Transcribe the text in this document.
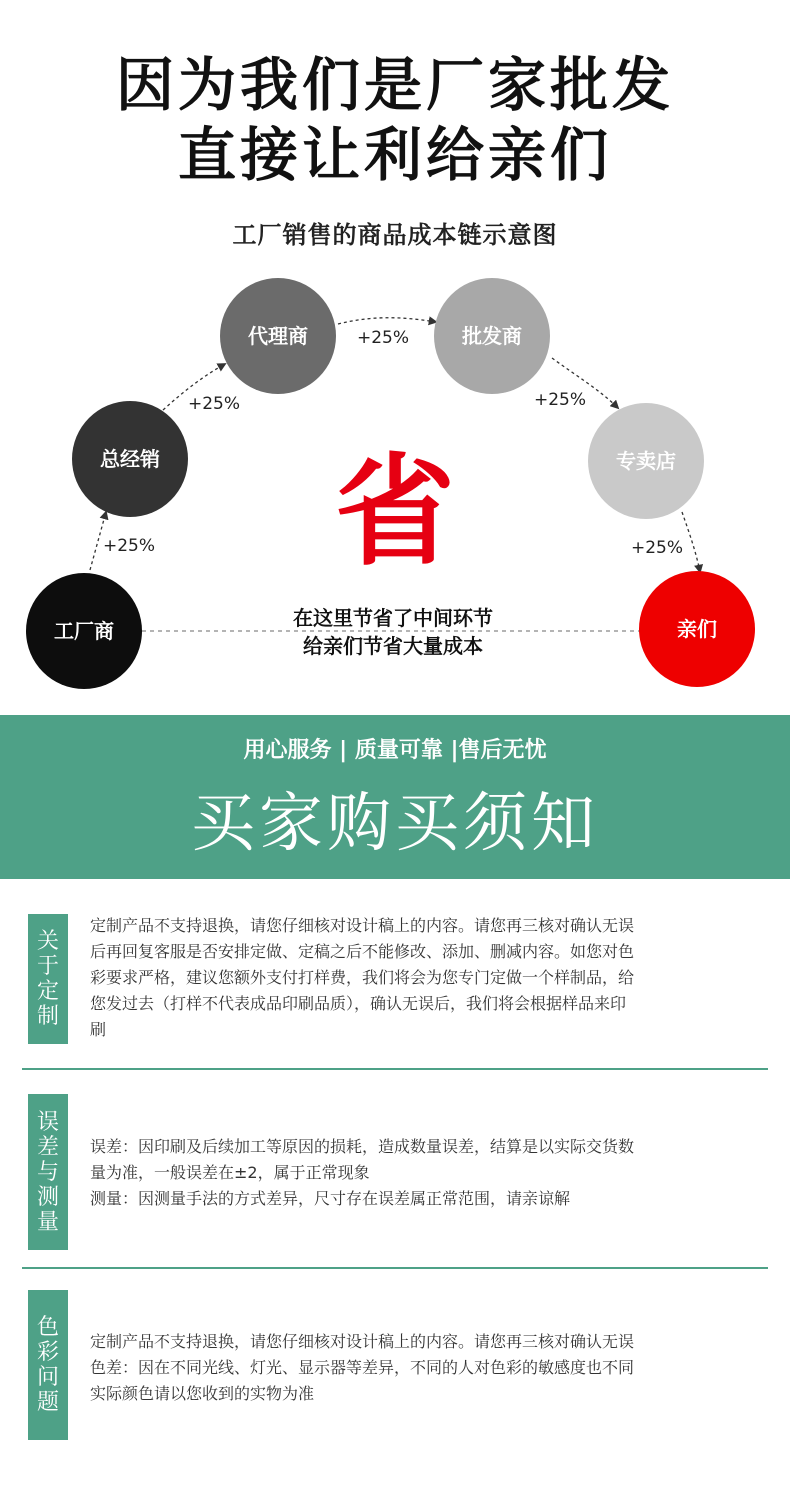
因为我们是厂家批发
直接让利给亲们
工厂销售的商品成本链示意图
工厂商
总经销
代理商	批发商
专卖店
亲们
+25%
+25%
+25%
+25%
+25%
省
在这里节省了中间环节
给亲们节省大量成本
用心服务 | 质量可靠 |售后无忧
买家购买须知
关于定制
定制产品不支持退换，请您仔细核对设计稿上的内容。请您再三核对确认无误
后再回复客服是否安排定做、定稿之后不能修改、添加、删减内容。如您对色
彩要求严格，建议您额外支付打样费，我们将会为您专门定做一个样制品，给
您发过去（打样不代表成品印刷品质），确认无误后，我们将会根据样品来印
刷
误差与测量
误差：因印刷及后续加工等原因的损耗，造成数量误差，结算是以实际交货数
量为准，一般误差在±2，属于正常现象
测量：因测量手法的方式差异，尺寸存在误差属正常范围，请亲谅解
色彩问题
定制产品不支持退换，请您仔细核对设计稿上的内容。请您再三核对确认无误
色差：因在不同光线、灯光、显示器等差异，不同的人对色彩的敏感度也不同
实际颜色请以您收到的实物为准
